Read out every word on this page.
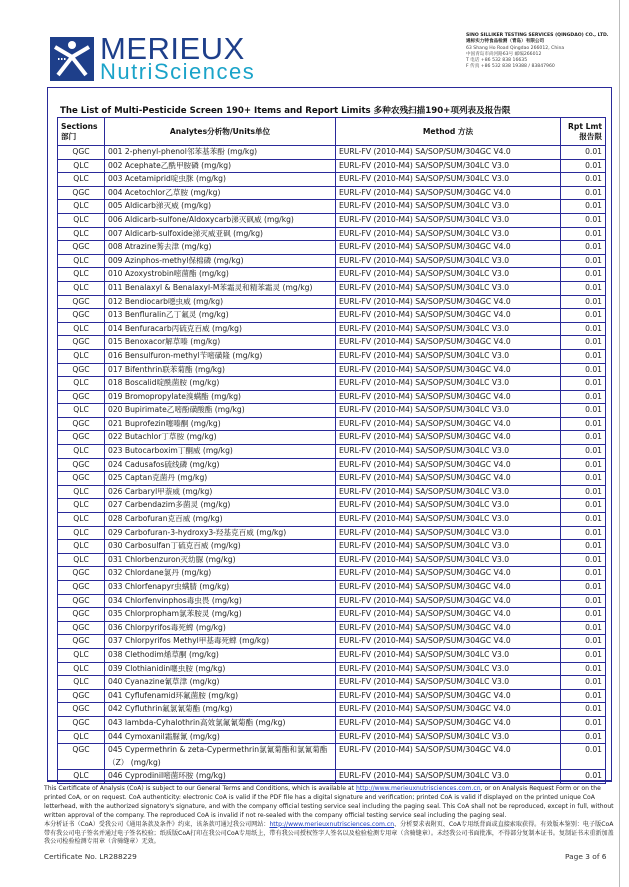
MERIEUX
NutriSciences
SINO SILLIKER TESTING SERVICES (QINGDAO) CO., LTD.
通标实力特食品检测（青岛）有限公司
63 Shang Ho Road Qingdao 266012, China
中国青岛市尚河路63号 邮编266012
T 电话 +86 532 838 16635
F 传真 +86 532 838 19388 / 83847960
The List of Multi-Pesticide Screen 190+ Items and Report Limits 多种农残扫描190+项列表及报告限
Sections 部门	Analytes分析物/Units单位	Method 方法	Rpt Lmt 报告限
QGC	001 2-phenyl-phenol邻苯基苯酚 (mg/kg)	EURL-FV (2010-M4) SA/SOP/SUM/304GC V4.0	0.01
QLC	002 Acephate乙酰甲胺磷 (mg/kg)	EURL-FV (2010-M4) SA/SOP/SUM/304LC V3.0	0.01
QLC	003 Acetamiprid啶虫脒 (mg/kg)	EURL-FV (2010-M4) SA/SOP/SUM/304LC V3.0	0.01
QGC	004 Acetochlor乙草胺 (mg/kg)	EURL-FV (2010-M4) SA/SOP/SUM/304GC V4.0	0.01
QLC	005 Aldicarb涕灭威 (mg/kg)	EURL-FV (2010-M4) SA/SOP/SUM/304LC V3.0	0.01
QLC	006 Aldicarb-sulfone/Aldoxycarb涕灭砜威 (mg/kg)	EURL-FV (2010-M4) SA/SOP/SUM/304LC V3.0	0.01
QLC	007 Aldicarb-sulfoxide涕灭威亚砜 (mg/kg)	EURL-FV (2010-M4) SA/SOP/SUM/304LC V3.0	0.01
QGC	008 Atrazine莠去津 (mg/kg)	EURL-FV (2010-M4) SA/SOP/SUM/304GC V4.0	0.01
QLC	009 Azinphos-methyl保棉磷 (mg/kg)	EURL-FV (2010-M4) SA/SOP/SUM/304LC V3.0	0.01
QLC	010 Azoxystrobin嘧菌酯 (mg/kg)	EURL-FV (2010-M4) SA/SOP/SUM/304LC V3.0	0.01
QLC	011 Benalaxyl & Benalaxyl-M苯霜灵和精苯霜灵 (mg/kg)	EURL-FV (2010-M4) SA/SOP/SUM/304LC V3.0	0.01
QGC	012 Bendiocarb噁虫威 (mg/kg)	EURL-FV (2010-M4) SA/SOP/SUM/304GC V4.0	0.01
QGC	013 Benfluralin乙丁氟灵 (mg/kg)	EURL-FV (2010-M4) SA/SOP/SUM/304GC V4.0	0.01
QLC	014 Benfuracarb丙硫克百威 (mg/kg)	EURL-FV (2010-M4) SA/SOP/SUM/304LC V3.0	0.01
QGC	015 Benoxacor解草嗪 (mg/kg)	EURL-FV (2010-M4) SA/SOP/SUM/304GC V4.0	0.01
QLC	016 Bensulfuron-methyl苄嘧磺隆 (mg/kg)	EURL-FV (2010-M4) SA/SOP/SUM/304LC V3.0	0.01
QGC	017 Bifenthrin联苯菊酯 (mg/kg)	EURL-FV (2010-M4) SA/SOP/SUM/304GC V4.0	0.01
QLC	018 Boscalid啶酰菌胺 (mg/kg)	EURL-FV (2010-M4) SA/SOP/SUM/304LC V3.0	0.01
QGC	019 Bromopropylate溴螨酯 (mg/kg)	EURL-FV (2010-M4) SA/SOP/SUM/304GC V4.0	0.01
QLC	020 Bupirimate乙嘧酚磺酸酯 (mg/kg)	EURL-FV (2010-M4) SA/SOP/SUM/304LC V3.0	0.01
QGC	021 Buprofezin噻嗪酮 (mg/kg)	EURL-FV (2010-M4) SA/SOP/SUM/304GC V4.0	0.01
QGC	022 Butachlor丁草胺 (mg/kg)	EURL-FV (2010-M4) SA/SOP/SUM/304GC V4.0	0.01
QLC	023 Butocarboxim丁酮威 (mg/kg)	EURL-FV (2010-M4) SA/SOP/SUM/304LC V3.0	0.01
QGC	024 Cadusafos硫线磷 (mg/kg)	EURL-FV (2010-M4) SA/SOP/SUM/304GC V4.0	0.01
QGC	025 Captan克菌丹 (mg/kg)	EURL-FV (2010-M4) SA/SOP/SUM/304GC V4.0	0.01
QLC	026 Carbaryl甲萘威 (mg/kg)	EURL-FV (2010-M4) SA/SOP/SUM/304LC V3.0	0.01
QLC	027 Carbendazim多菌灵 (mg/kg)	EURL-FV (2010-M4) SA/SOP/SUM/304LC V3.0	0.01
QLC	028 Carbofuran克百威 (mg/kg)	EURL-FV (2010-M4) SA/SOP/SUM/304LC V3.0	0.01
QLC	029 Carbofuran-3-hydroxy3-羟基克百威 (mg/kg)	EURL-FV (2010-M4) SA/SOP/SUM/304LC V3.0	0.01
QLC	030 Carbosulfan丁硫克百威 (mg/kg)	EURL-FV (2010-M4) SA/SOP/SUM/304LC V3.0	0.01
QLC	031 Chlorbenzuron灭幼脲 (mg/kg)	EURL-FV (2010-M4) SA/SOP/SUM/304LC V3.0	0.01
QGC	032 Chlordane氯丹 (mg/kg)	EURL-FV (2010-M4) SA/SOP/SUM/304GC V4.0	0.01
QGC	033 Chlorfenapyr虫螨腈 (mg/kg)	EURL-FV (2010-M4) SA/SOP/SUM/304GC V4.0	0.01
QGC	034 Chlorfenvinphos毒虫畏 (mg/kg)	EURL-FV (2010-M4) SA/SOP/SUM/304GC V4.0	0.01
QGC	035 Chlorpropham氯苯胺灵 (mg/kg)	EURL-FV (2010-M4) SA/SOP/SUM/304GC V4.0	0.01
QGC	036 Chlorpyrifos毒死蜱 (mg/kg)	EURL-FV (2010-M4) SA/SOP/SUM/304GC V4.0	0.01
QGC	037 Chlorpyrifos Methyl甲基毒死蜱 (mg/kg)	EURL-FV (2010-M4) SA/SOP/SUM/304GC V4.0	0.01
QLC	038 Clethodim烯草酮 (mg/kg)	EURL-FV (2010-M4) SA/SOP/SUM/304LC V3.0	0.01
QLC	039 Clothianidin噻虫胺 (mg/kg)	EURL-FV (2010-M4) SA/SOP/SUM/304LC V3.0	0.01
QLC	040 Cyanazine氰草津 (mg/kg)	EURL-FV (2010-M4) SA/SOP/SUM/304LC V3.0	0.01
QGC	041 Cyflufenamid环氟菌胺 (mg/kg)	EURL-FV (2010-M4) SA/SOP/SUM/304GC V4.0	0.01
QGC	042 Cyfluthrin氟氯氰菊酯 (mg/kg)	EURL-FV (2010-M4) SA/SOP/SUM/304GC V4.0	0.01
QGC	043 lambda-Cyhalothrin高效氯氟氰菊酯 (mg/kg)	EURL-FV (2010-M4) SA/SOP/SUM/304GC V4.0	0.01
QLC	044 Cymoxanil霜脲氰 (mg/kg)	EURL-FV (2010-M4) SA/SOP/SUM/304LC V3.0	0.01
QGC	045 Cypermethrin & zeta-Cypermethrin氯氰菊酯和氯氰菊酯（Z） (mg/kg)	EURL-FV (2010-M4) SA/SOP/SUM/304GC V4.0	0.01
QLC	046 Cyprodinil嘧菌环胺 (mg/kg)	EURL-FV (2010-M4) SA/SOP/SUM/304LC V3.0	0.01
This Certificate of Analysis (CoA) is subject to our General Terms and Conditions, which is available at http://www.merieuxnutrisciences.com.cn, or on Analysis Request Form or on the printed CoA, or on request. CoA authenticity: electronic CoA is valid if the PDF file has a digital signature and verification; printed CoA is valid if displayed on the printed unique CoA letterhead, with the authorized signatory's signature, and with the company official testing service seal including the paging seal. This CoA shall not be reproduced, except in full, without written approval of the company. The reproduced CoA is invalid if not re-sealed with the company official testing service seal including the paging seal.
本分析证书（CoA）受我公司《通用条款及条件》约束，该条款可通过我公司网站：http://www.merieuxnutrisciences.com.cn、分析要求表附页、CoA专用纸背面或直接索取获得。有效版本鉴别：电子版CoA带有我公司电子签名并通过电子签名校验；纸质版CoA打印在我公司CoA专用纸上，带有我公司授权签字人签名以及检验检测专用章（含骑缝章）。未经我公司书面批准，不得部分复制本证书。复制证书未重新加盖我公司检验检测专用章（含骑缝章）无效。
Certificate No. LR288229	Page 3 of 6
